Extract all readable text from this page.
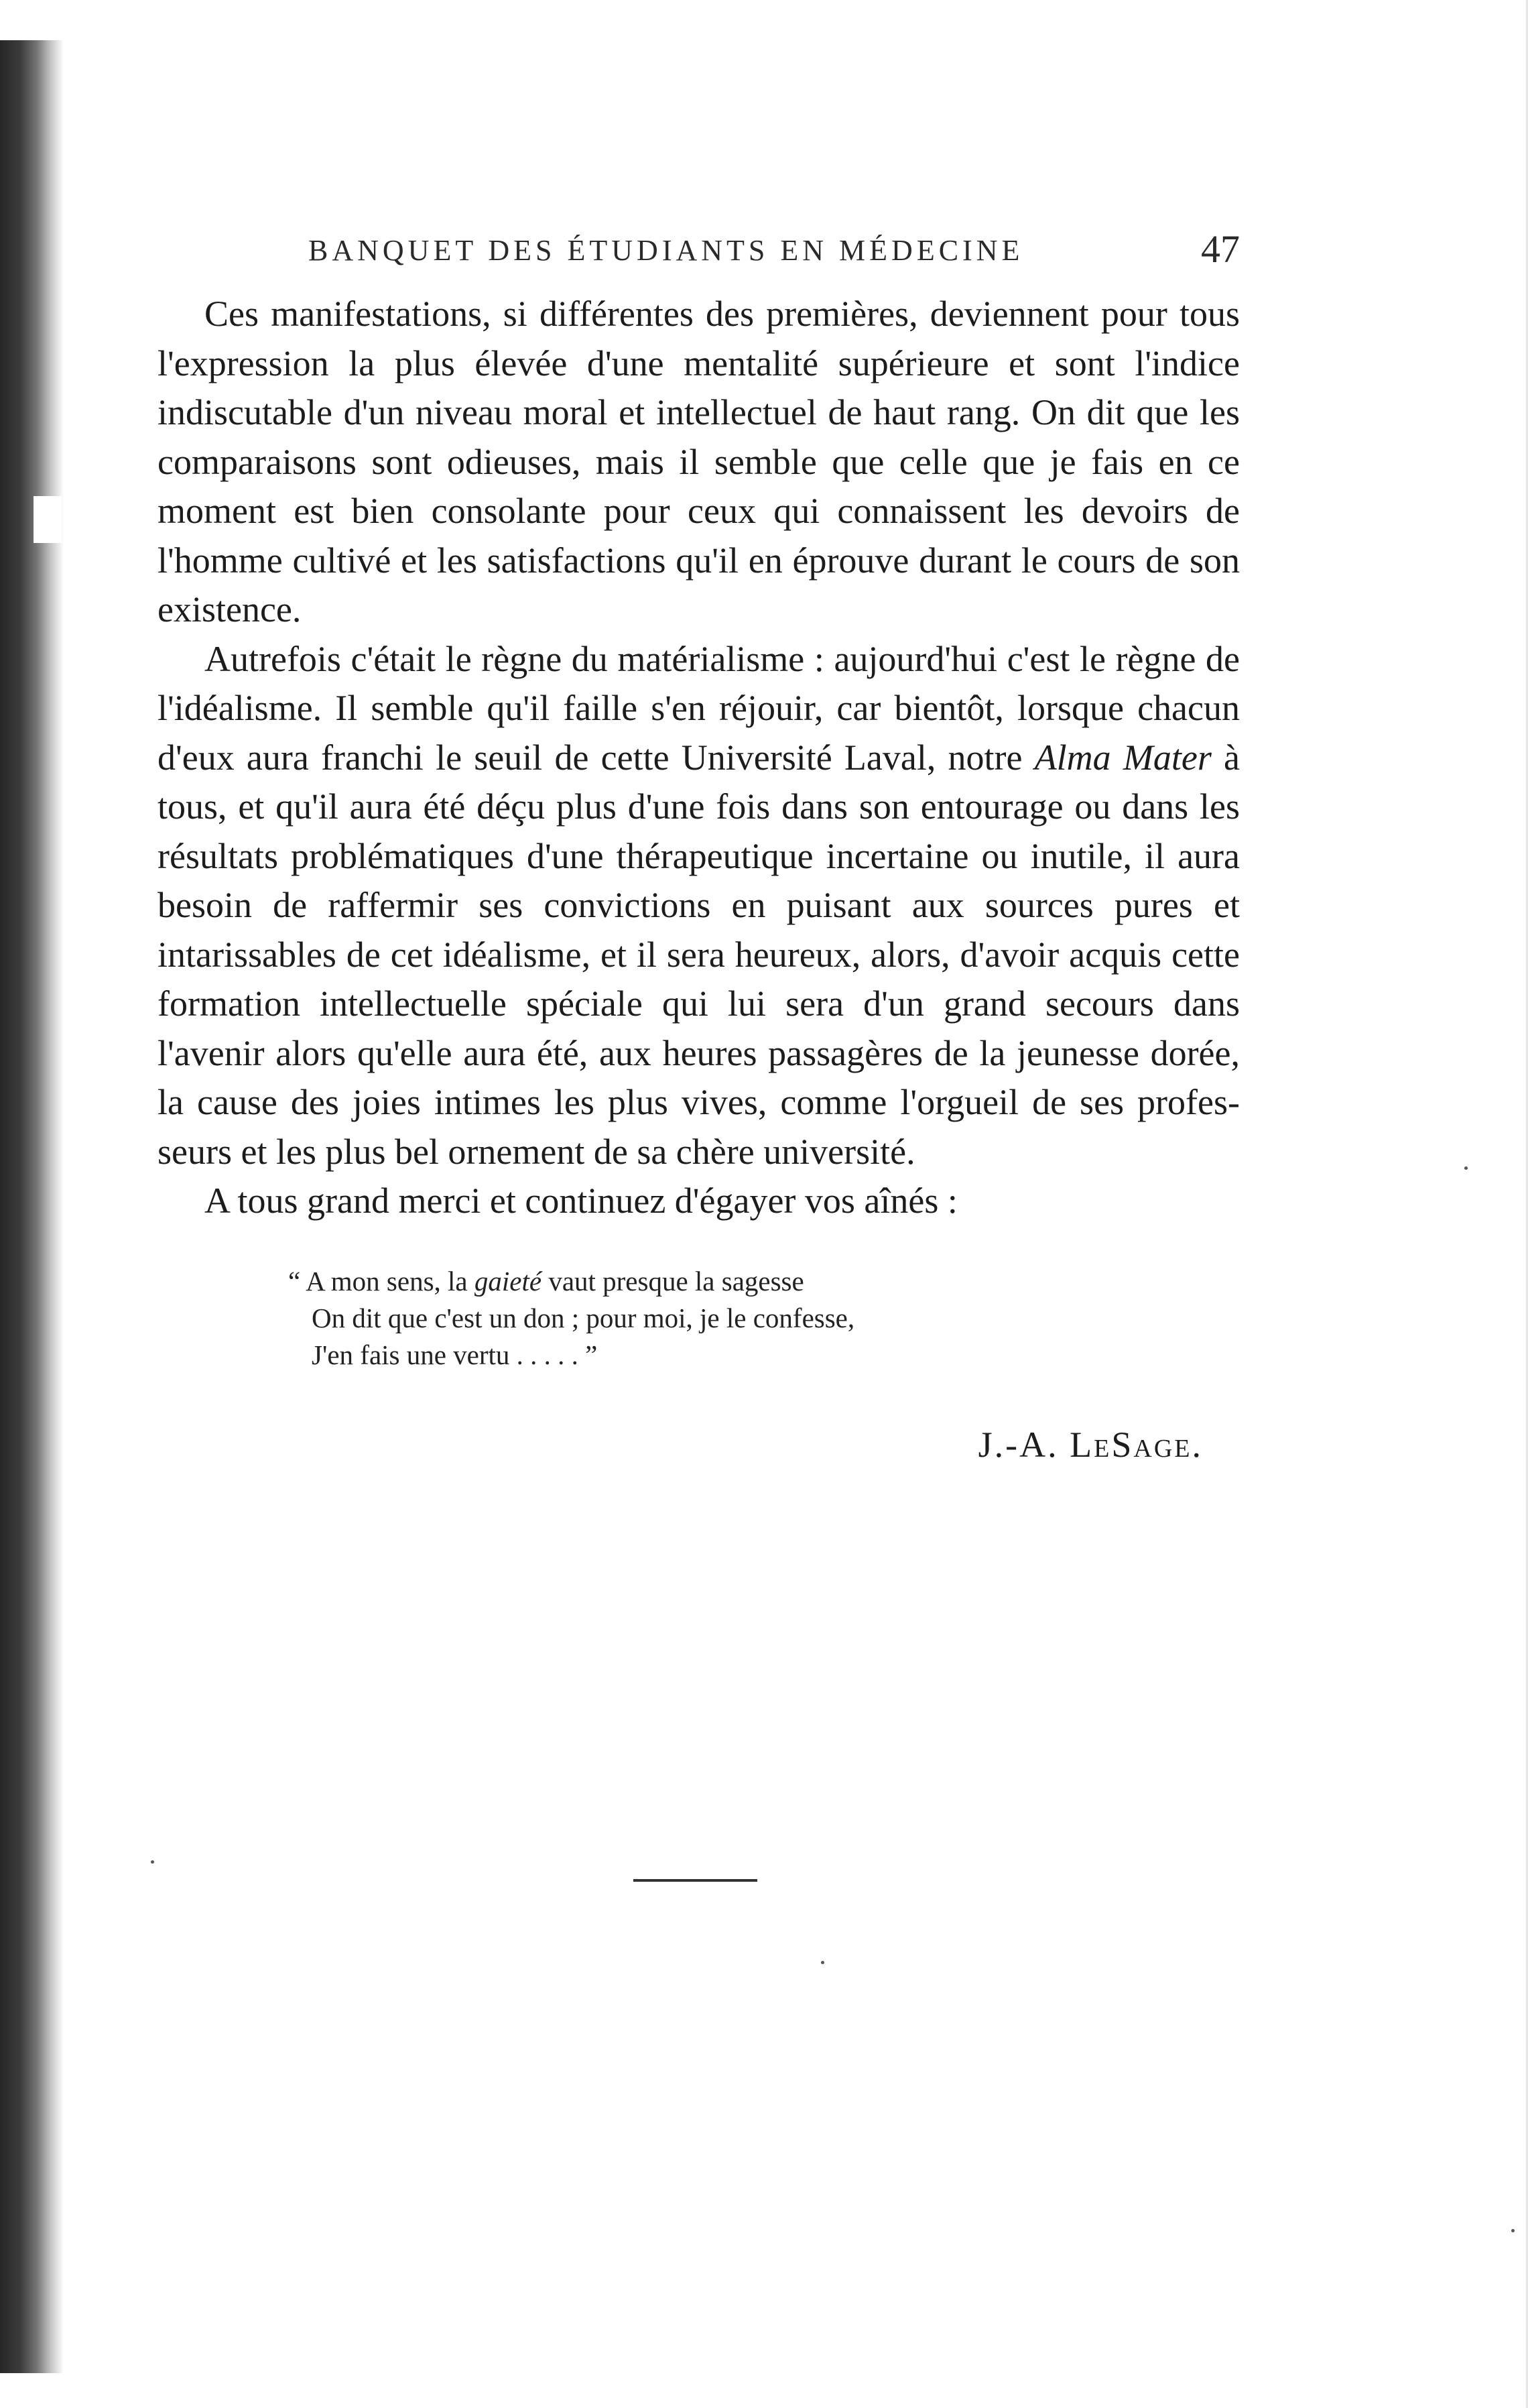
BANQUET DES ÉTUDIANTS EN MÉDECINE	47

Ces manifestations, si différentes des premières, deviennent pour tous l'expression la plus élevée d'une mentalité supérieure et sont l'indice indiscutable d'un niveau moral et intellectuel de haut rang. On dit que les comparaisons sont odieuses, mais il semble que celle que je fais en ce moment est bien consolante pour ceux qui connaissent les devoirs de l'homme cultivé et les satisfactions qu'il en éprouve durant le cours de son existence.

Autrefois c'était le règne du matérialisme : aujourd'hui c'est le règne de l'idéalisme. Il semble qu'il faille s'en réjouir, car bientôt, lorsque chacun d'eux aura franchi le seuil de cette Université Laval, notre Alma Mater à tous, et qu'il aura été déçu plus d'une fois dans son entourage ou dans les résultats problématiques d'une thérapeutique incertaine ou inutile, il aura besoin de raffermir ses convictions en puisant aux sources pures et intarissables de cet idéalisme, et il sera heureux, alors, d'avoir acquis cette formation intellectuelle spéciale qui lui sera d'un grand secours dans l'avenir alors qu'elle aura été, aux heures passagères de la jeunesse dorée, la cause des joies intimes les plus vives, comme l'orgueil de ses professeurs et les plus bel ornement de sa chère université.

A tous grand merci et continuez d'égayer vos aînés :

“ A mon sens, la gaieté vaut presque la sagesse
On dit que c'est un don ; pour moi, je le confesse,
J'en fais une vertu . . . . . ”
J.-A. LeSage.
